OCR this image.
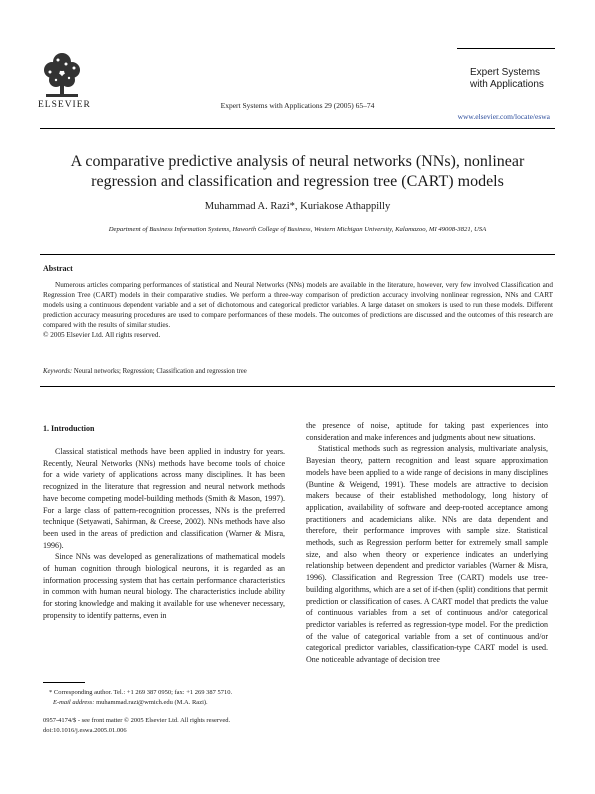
ELSEVIER	Expert Systems with Applications 29 (2005) 65–74
Expert Systems
with Applications
www.elsevier.com/locate/eswa
A comparative predictive analysis of neural networks (NNs), nonlinear
regression and classification and regression tree (CART) models
Muhammad A. Razi*, Kuriakose Athappilly
Department of Business Information Systems, Haworth College of Business, Western Michigan University, Kalamazoo, MI 49008-3821, USA
Abstract
Numerous articles comparing performances of statistical and Neural Networks (NNs) models are available in the literature, however, very few involved Classification and Regression Tree (CART) models in their comparative studies. We perform a three-way comparison of prediction accuracy involving nonlinear regression, NNs and CART models using a continuous dependent variable and a set of dichotomous and categorical predictor variables. A large dataset on smokers is used to run these models. Different prediction accuracy measuring procedures are used to compare performances of these models. The outcomes of predictions are discussed and the outcomes of this research are compared with the results of similar studies.
© 2005 Elsevier Ltd. All rights reserved.
Keywords: Neural networks; Regression; Classification and regression tree
1. Introduction

Classical statistical methods have been applied in industry for years. Recently, Neural Networks (NNs) methods have become tools of choice for a wide variety of applications across many disciplines. It has been recognized in the literature that regression and neural network methods have become competing model-building methods (Smith & Mason, 1997). For a large class of pattern-recognition processes, NNs is the preferred technique (Setyawati, Sahirman, & Creese, 2002). NNs methods have also been used in the areas of prediction and classification (Warner & Misra, 1996).

Since NNs was developed as generalizations of mathematical models of human cognition through biological neurons, it is regarded as an information processing system that has certain performance characteristics in common with human neural biology. The characteristics include ability for storing knowledge and making it available for use whenever necessary, propensity to identify patterns, even in

the presence of noise, aptitude for taking past experiences into consideration and make inferences and judgments about new situations.

Statistical methods such as regression analysis, multivariate analysis, Bayesian theory, pattern recognition and least square approximation models have been applied to a wide range of decisions in many disciplines (Buntine & Weigend, 1991). These models are attractive to decision makers because of their established methodology, long history of application, availability of software and deep-rooted acceptance among practitioners and academicians alike. NNs are data dependent and therefore, their performance improves with sample size. Statistical methods, such as Regression perform better for extremely small sample size, and also when theory or experience indicates an underlying relationship between dependent and predictor variables (Warner & Misra, 1996). Classification and Regression Tree (CART) models use tree-building algorithms, which are a set of if-then (split) conditions that permit prediction or classification of cases. A CART model that predicts the value of continuous variables from a set of continuous and/or categorical predictor variables is referred as regression-type model. For the prediction of the value of categorical variable from a set of continuous and/or categorical predictor variables, classification-type CART model is used. One noticeable advantage of decision tree

* Corresponding author. Tel.: +1 269 387 0950; fax: +1 269 387 5710.
E-mail address: muhammad.razi@wmich.edu (M.A. Razi).
0957-4174/$ - see front matter © 2005 Elsevier Ltd. All rights reserved.
doi:10.1016/j.eswa.2005.01.006
